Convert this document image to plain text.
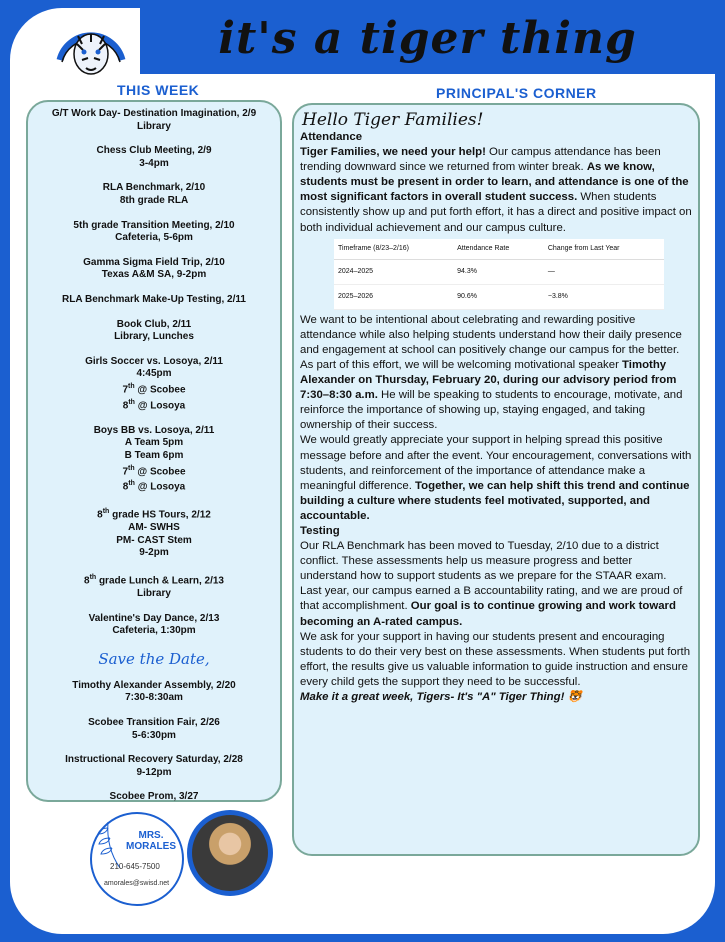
it's a tiger thing
THIS WEEK	PRINCIPAL'S CORNER
G/T Work Day- Destination Imagination, 2/9
Library
Chess Club Meeting, 2/9
3-4pm
RLA Benchmark, 2/10
8th grade RLA
5th grade Transition Meeting, 2/10
Cafeteria, 5-6pm
Gamma Sigma Field Trip, 2/10
Texas A&M SA, 9-2pm
RLA Benchmark Make-Up Testing, 2/11
Book Club, 2/11
Library, Lunches
Girls Soccer vs. Losoya, 2/11
4:45pm
7th @ Scobee
8th @ Losoya
Boys BB vs. Losoya, 2/11
A Team 5pm
B Team 6pm
7th @ Scobee
8th @ Losoya
8th grade HS Tours, 2/12
AM- SWHS
PM- CAST Stem
9-2pm
8th grade Lunch & Learn, 2/13
Library
Valentine's Day Dance, 2/13
Cafeteria, 1:30pm
Save the Date,
Timothy Alexander Assembly, 2/20
7:30-8:30am
Scobee Transition Fair, 2/26
5-6:30pm
Instructional Recovery Saturday, 2/28
9-12pm
Scobee Prom, 3/27
Hello Tiger Families!

Attendance

Tiger Families, we need your help! Our campus attendance has been trending downward since we returned from winter break. As we know, students must be present in order to learn, and attendance is one of the most significant factors in overall student success. When students consistently show up and put forth effort, it has a direct and positive impact on both individual achievement and our campus culture.

Timeframe (8/23–2/16)	Attendance Rate	Change from Last Year
2024–2025	94.3%	—
2025–2026	90.6%	−3.8%

We want to be intentional about celebrating and rewarding positive attendance while also helping students understand how their daily presence and engagement at school can positively change our campus for the better.

As part of this effort, we will be welcoming motivational speaker Timothy Alexander on Thursday, February 20, during our advisory period from 7:30–8:30 a.m. He will be speaking to students to encourage, motivate, and reinforce the importance of showing up, staying engaged, and taking ownership of their success.

We would greatly appreciate your support in helping spread this positive message before and after the event. Your encouragement, conversations with students, and reinforcement of the importance of attendance make a meaningful difference. Together, we can help shift this trend and continue building a culture where students feel motivated, supported, and accountable.

Testing

Our RLA Benchmark has been moved to Tuesday, 2/10 due to a district conflict. These assessments help us measure progress and better understand how to support students as we prepare for the STAAR exam.

Last year, our campus earned a B accountability rating, and we are proud of that accomplishment. Our goal is to continue growing and work toward becoming an A-rated campus.

We ask for your support in having our students present and encouraging students to do their very best on these assessments. When students put forth effort, the results give us valuable information to guide instruction and ensure every child gets the support they need to be successful.

Make it a great week, Tigers- It's "A" Tiger Thing! 🐯

MRS.
MORALES
210-645-7500
amorales@swisd.net
